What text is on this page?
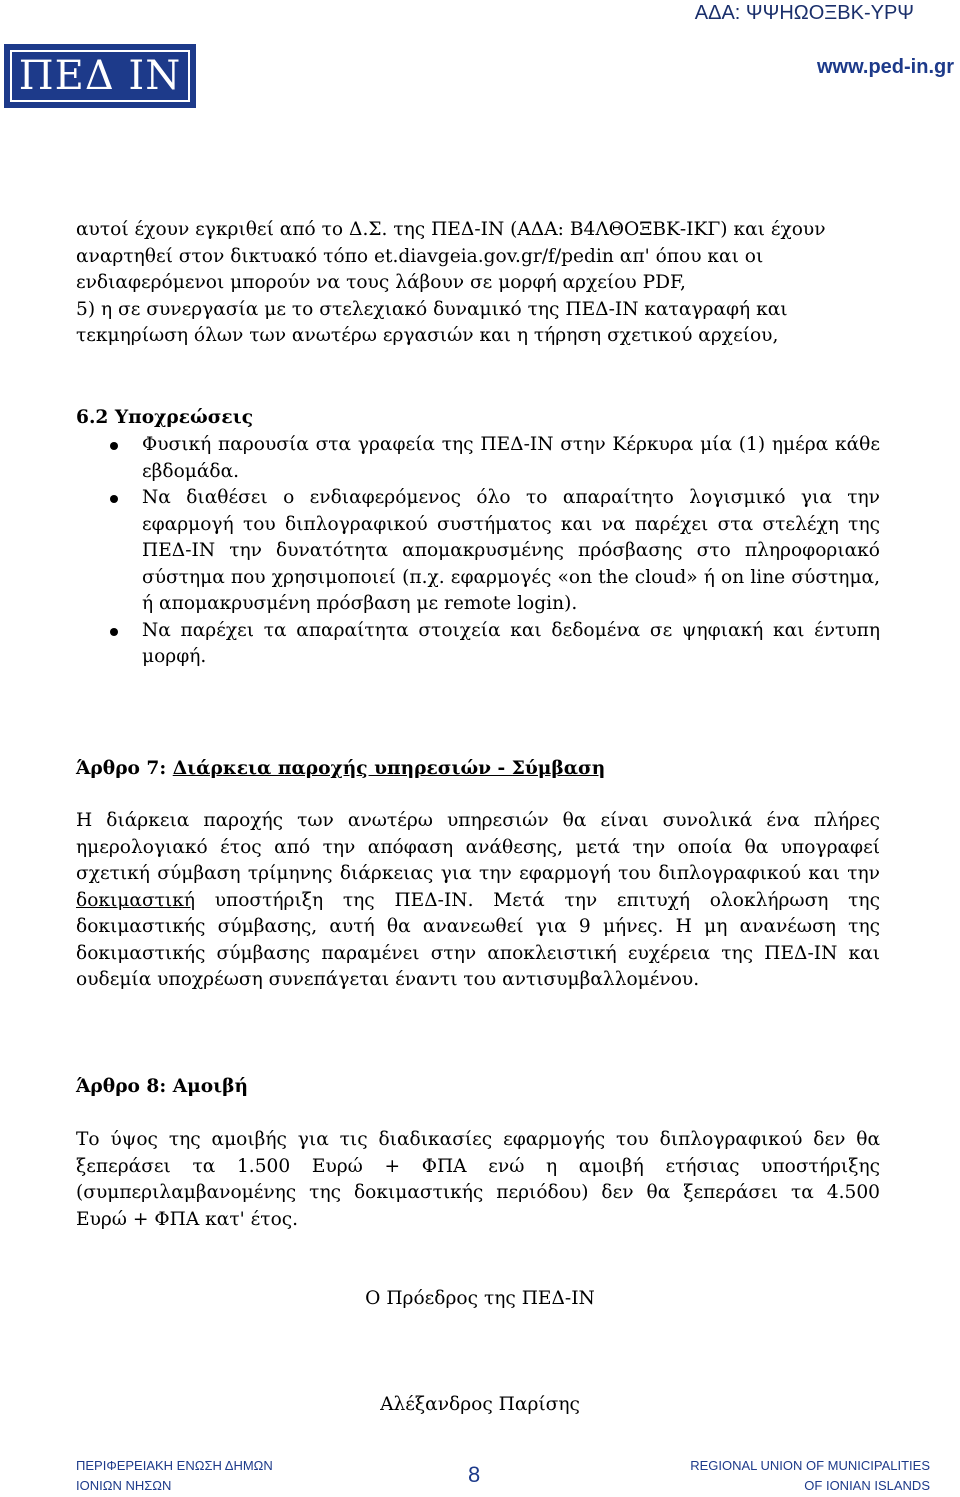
ΑΔΑ: ΨΨΗΩΟΞΒΚ-ΥΡΨ
ΠΕΔ ΙΝ	www.ped-in.gr

αυτοί έχουν εγκριθεί από το Δ.Σ. της ΠΕΔ-ΙΝ (ΑΔΑ: Β4ΛΘΟΞΒΚ-ΙΚΓ) και έχουν
αναρτηθεί στον δικτυακό τόπο et.diavgeia.gov.gr/f/pedin απ' όπου και οι
ενδιαφερόμενοι μπορούν να τους λάβουν σε μορφή αρχείου PDF,
5) η σε συνεργασία με το στελεχιακό δυναμικό της ΠΕΔ-ΙΝ καταγραφή και
τεκμηρίωση όλων των ανωτέρω εργασιών και η τήρηση σχετικού αρχείου,

6.2 Υποχρεώσεις
Φυσική παρουσία στα γραφεία της ΠΕΔ-ΙΝ στην Κέρκυρα μία (1) ημέρα κάθε εβδομάδα.
Να διαθέσει ο ενδιαφερόμενος όλο το απαραίτητο λογισμικό για την εφαρμογή του διπλογραφικού συστήματος και να παρέχει στα στελέχη της ΠΕΔ-ΙΝ την δυνατότητα απομακρυσμένης πρόσβασης στο πληροφοριακό σύστημα που χρησιμοποιεί (π.χ. εφαρμογές «on the cloud» ή on line σύστημα, ή απομακρυσμένη πρόσβαση με remote login).
Να παρέχει τα απαραίτητα στοιχεία και δεδομένα σε ψηφιακή και έντυπη μορφή.
Άρθρο 7: Διάρκεια παροχής υπηρεσιών - Σύμβαση

Η διάρκεια παροχής των ανωτέρω υπηρεσιών θα είναι συνολικά ένα πλήρες ημερολογιακό έτος από την απόφαση ανάθεσης, μετά την οποία θα υπογραφεί σχετική σύμβαση τρίμηνης διάρκειας για την εφαρμογή του διπλογραφικού και την δοκιμαστική υποστήριξη της ΠΕΔ-ΙΝ. Μετά την επιτυχή ολοκλήρωση της δοκιμαστικής σύμβασης, αυτή θα ανανεωθεί για 9 μήνες. Η μη ανανέωση της δοκιμαστικής σύμβασης παραμένει στην αποκλειστική ευχέρεια της ΠΕΔ-ΙΝ και ουδεμία υποχρέωση συνεπάγεται έναντι του αντισυμβαλλομένου.

Άρθρο 8: Αμοιβή

Το ύψος της αμοιβής για τις διαδικασίες εφαρμογής του διπλογραφικού δεν θα ξεπεράσει τα 1.500 Ευρώ + ΦΠΑ ενώ η αμοιβή ετήσιας υποστήριξης (συμπεριλαμβανομένης της δοκιμαστικής περιόδου) δεν θα ξεπεράσει τα 4.500 Ευρώ + ΦΠΑ κατ' έτος.

Ο Πρόεδρος της ΠΕΔ-ΙΝ

Αλέξανδρος Παρίσης

ΠΕΡΙΦΕΡΕΙΑΚΗ ΕΝΩΣΗ ΔΗΜΩΝ
ΙΟΝΙΩΝ ΝΗΣΩΝ	8	REGIONAL UNION OF MUNICIPALITIES
OF IONIAN ISLANDS
